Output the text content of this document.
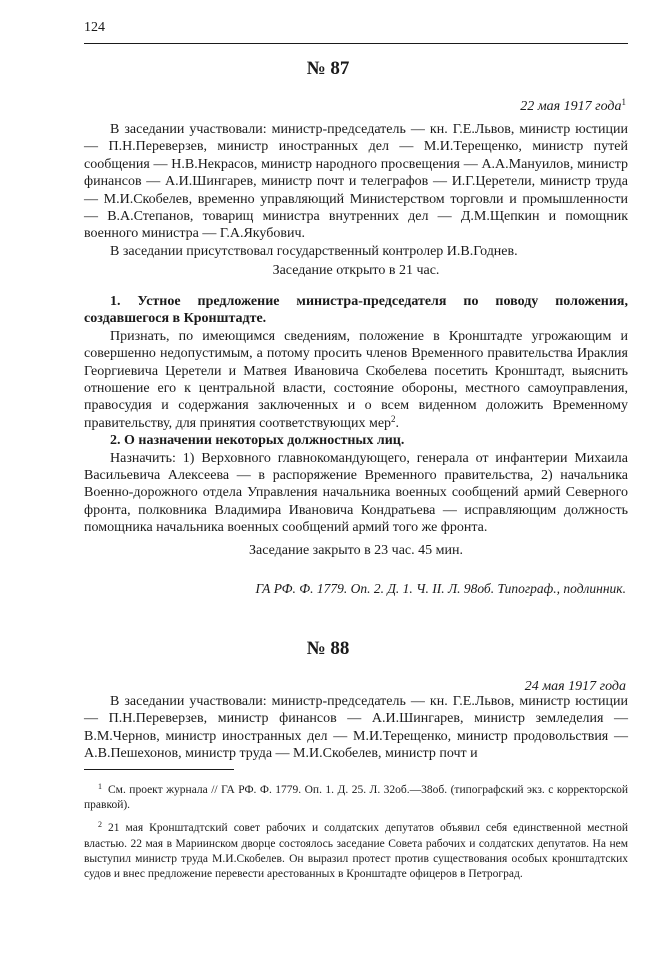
124
№ 87
22 мая 1917 года$^1$

В заседании участвовали: министр-председатель — кн. Г.Е.Львов, министр юстиции — П.Н.Переверзев, министр иностранных дел — М.И.Терещенко, министр путей сообщения — Н.В.Некрасов, министр народного просвещения — А.А.Мануилов, министр финансов — А.И.Шингарев, министр почт и телеграфов — И.Г.Церетели, министр труда — М.И.Скобелев, временно управляющий Министерством торговли и промышленности — В.А.Степанов, товарищ министра внутренних дел — Д.М.Щепкин и помощник военного министра — Г.А.Якубович.

В заседании присутствовал государственный контролер И.В.Годнев.

Заседание открыто в 21 час.

1. Устное предложение министра-председателя по поводу положения, создавшегося в Кронштадте.

Признать, по имеющимся сведениям, положение в Кронштадте угрожающим и совершенно недопустимым, а потому просить членов Временного правительства Ираклия Георгиевича Церетели и Матвея Ивановича Скобелева посетить Кронштадт, выяснить отношение его к центральной власти, состояние обороны, местного самоуправления, правосудия и содержания заключенных и о всем виденном доложить Временному правительству, для принятия соответствующих мер$^2$.

2. О назначении некоторых должностных лиц.

Назначить: 1) Верховного главнокомандующего, генерала от инфантерии Михаила Васильевича Алексеева — в распоряжение Временного правительства, 2) начальника Военно-дорожного отдела Управления начальника военных сообщений армий Северного фронта, полковника Владимира Ивановича Кондратьева — исправляющим должность помощника начальника военных сообщений армий того же фронта.

Заседание закрыто в 23 час. 45 мин.
ГА РФ. Ф. 1779. Оп. 2. Д. 1. Ч. II. Л. 98об. Типограф., подлинник.
№ 88
24 мая 1917 года

В заседании участвовали: министр-председатель — кн. Г.Е.Львов, министр юстиции — П.Н.Переверзев, министр финансов — А.И.Шингарев, министр земледелия — В.М.Чернов, министр иностранных дел — М.И.Терещенко, министр продовольствия — А.В.Пешехонов, министр труда — М.И.Скобелев, министр почт и

$^1$ См. проект журнала // ГА РФ. Ф. 1779. Оп. 1. Д. 25. Л. 32об.—38об. (типографский экз. с корректорской правкой).

$^2$ 21 мая Кронштадтский совет рабочих и солдатских депутатов объявил себя единственной местной властью. 22 мая в Мариинском дворце состоялось заседание Совета рабочих и солдатских депутатов. На нем выступил министр труда М.И.Скобелев. Он выразил протест против существования особых кронштадтских судов и внес предложение перевести арестованных в Кронштадте офицеров в Петроград.
